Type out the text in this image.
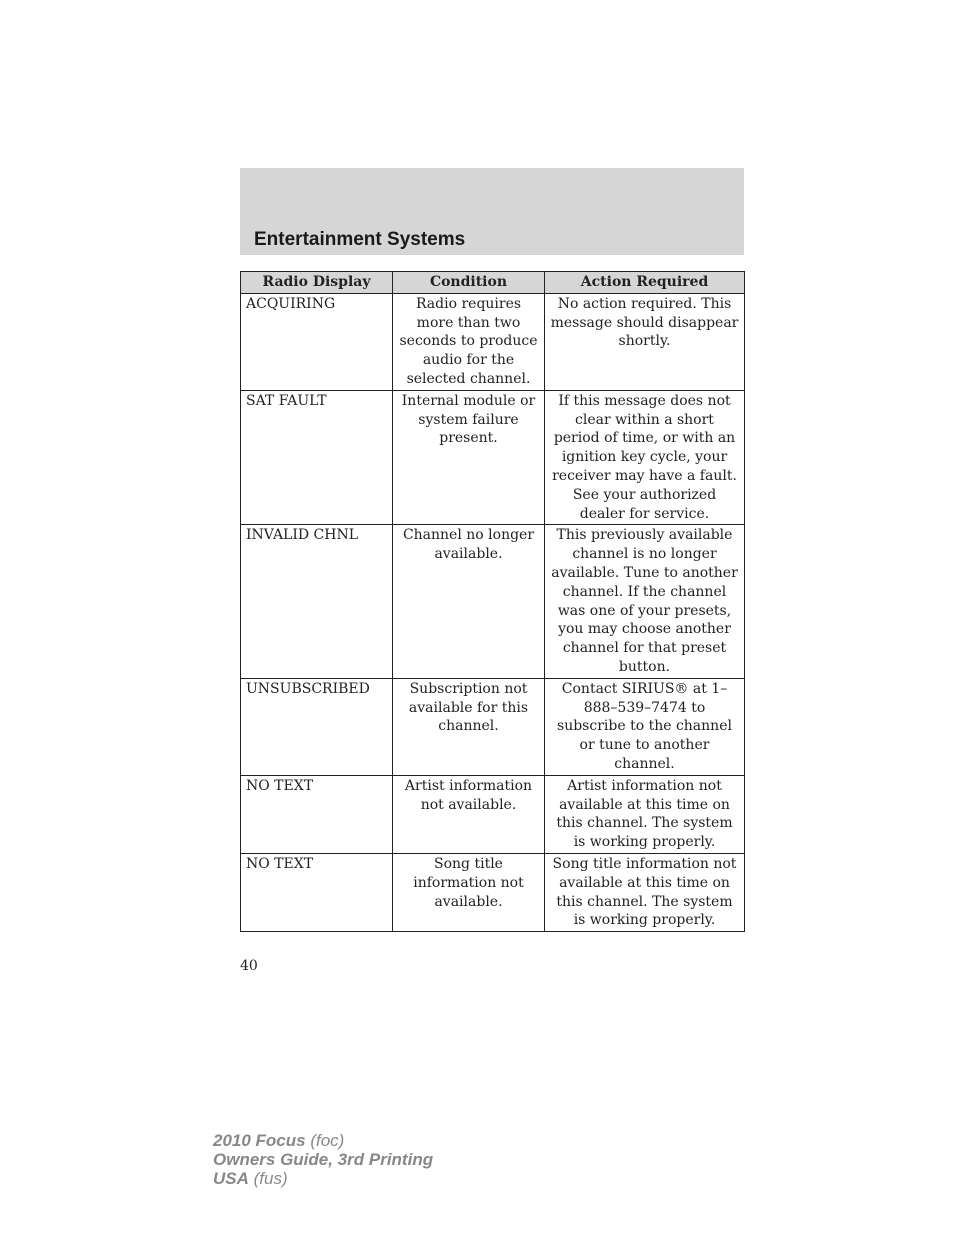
Entertainment Systems
Radio Display	Condition	Action Required
ACQUIRING	Radio requires more than two seconds to produce audio for the selected channel.	No action required. This message should disappear shortly.
SAT FAULT	Internal module or system failure present.	If this message does not clear within a short period of time, or with an ignition key cycle, your receiver may have a fault. See your authorized dealer for service.
INVALID CHNL	Channel no longer available.	This previously available channel is no longer available. Tune to another channel. If the channel was one of your presets, you may choose another channel for that preset button.
UNSUBSCRIBED	Subscription not available for this channel.	Contact SIRIUS® at 1–888–539–7474 to subscribe to the channel or tune to another channel.
NO TEXT	Artist information not available.	Artist information not available at this time on this channel. The system is working properly.
NO TEXT	Song title information not available.	Song title information not available at this time on this channel. The system is working properly.
40
2010 Focus (foc)
Owners Guide, 3rd Printing
USA (fus)
